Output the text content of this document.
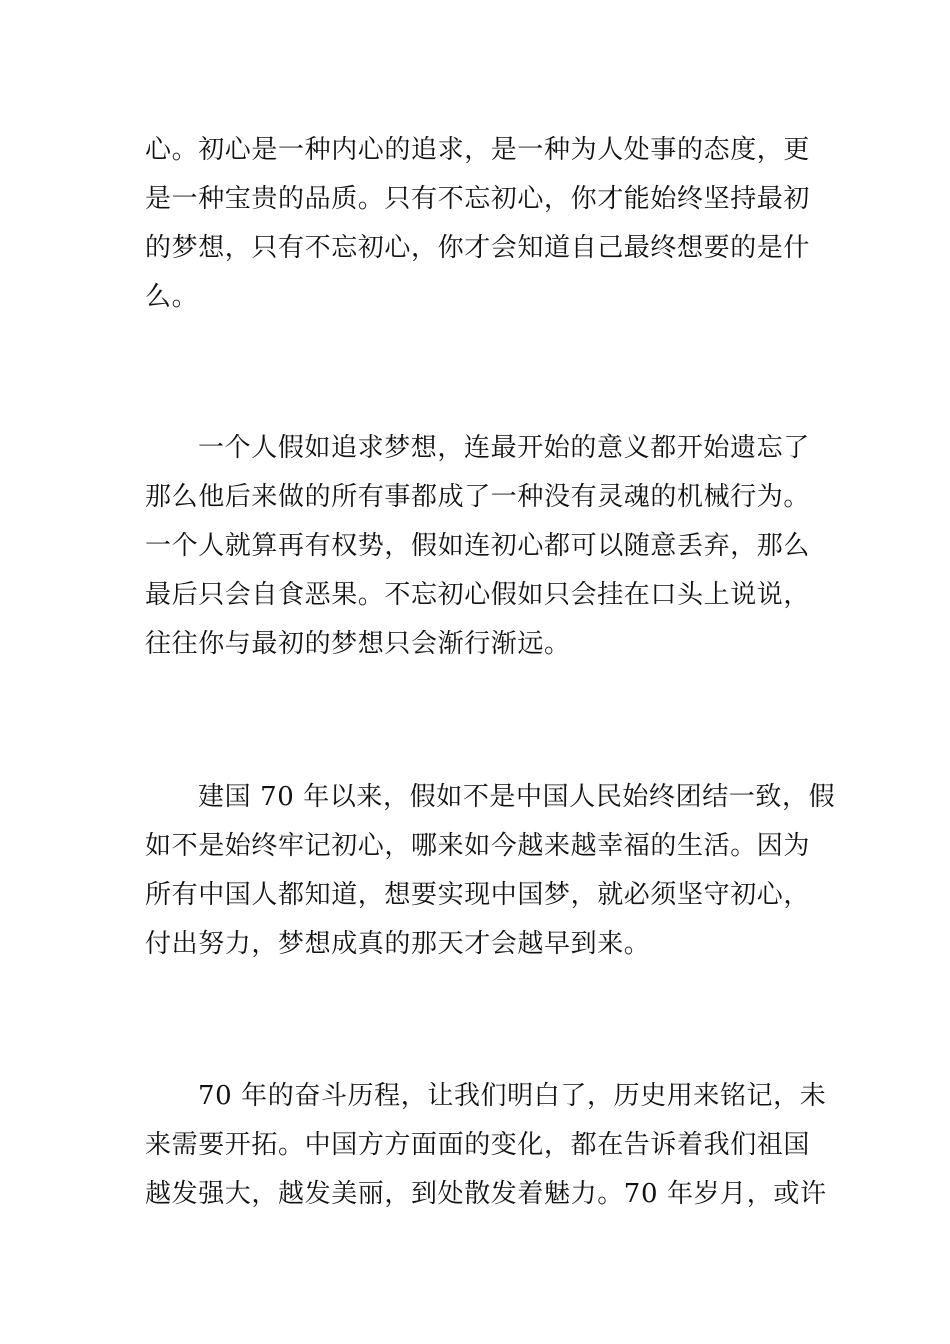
心。初心是一种内心的追求，是一种为人处事的态度，更
是一种宝贵的品质。只有不忘初心，你才能始终坚持最初
的梦想，只有不忘初心，你才会知道自己最终想要的是什
么。
一个人假如追求梦想，连最开始的意义都开始遗忘了
那么他后来做的所有事都成了一种没有灵魂的机械行为。
一个人就算再有权势，假如连初心都可以随意丢弃，那么
最后只会自食恶果。不忘初心假如只会挂在口头上说说，
往往你与最初的梦想只会渐行渐远。
建国 70 年以来，假如不是中国人民始终团结一致，假
如不是始终牢记初心，哪来如今越来越幸福的生活。因为
所有中国人都知道，想要实现中国梦，就必须坚守初心，
付出努力，梦想成真的那天才会越早到来。
70 年的奋斗历程，让我们明白了，历史用来铭记，未
来需要开拓。中国方方面面的变化，都在告诉着我们祖国
越发强大，越发美丽，到处散发着魅力。70 年岁月，或许
